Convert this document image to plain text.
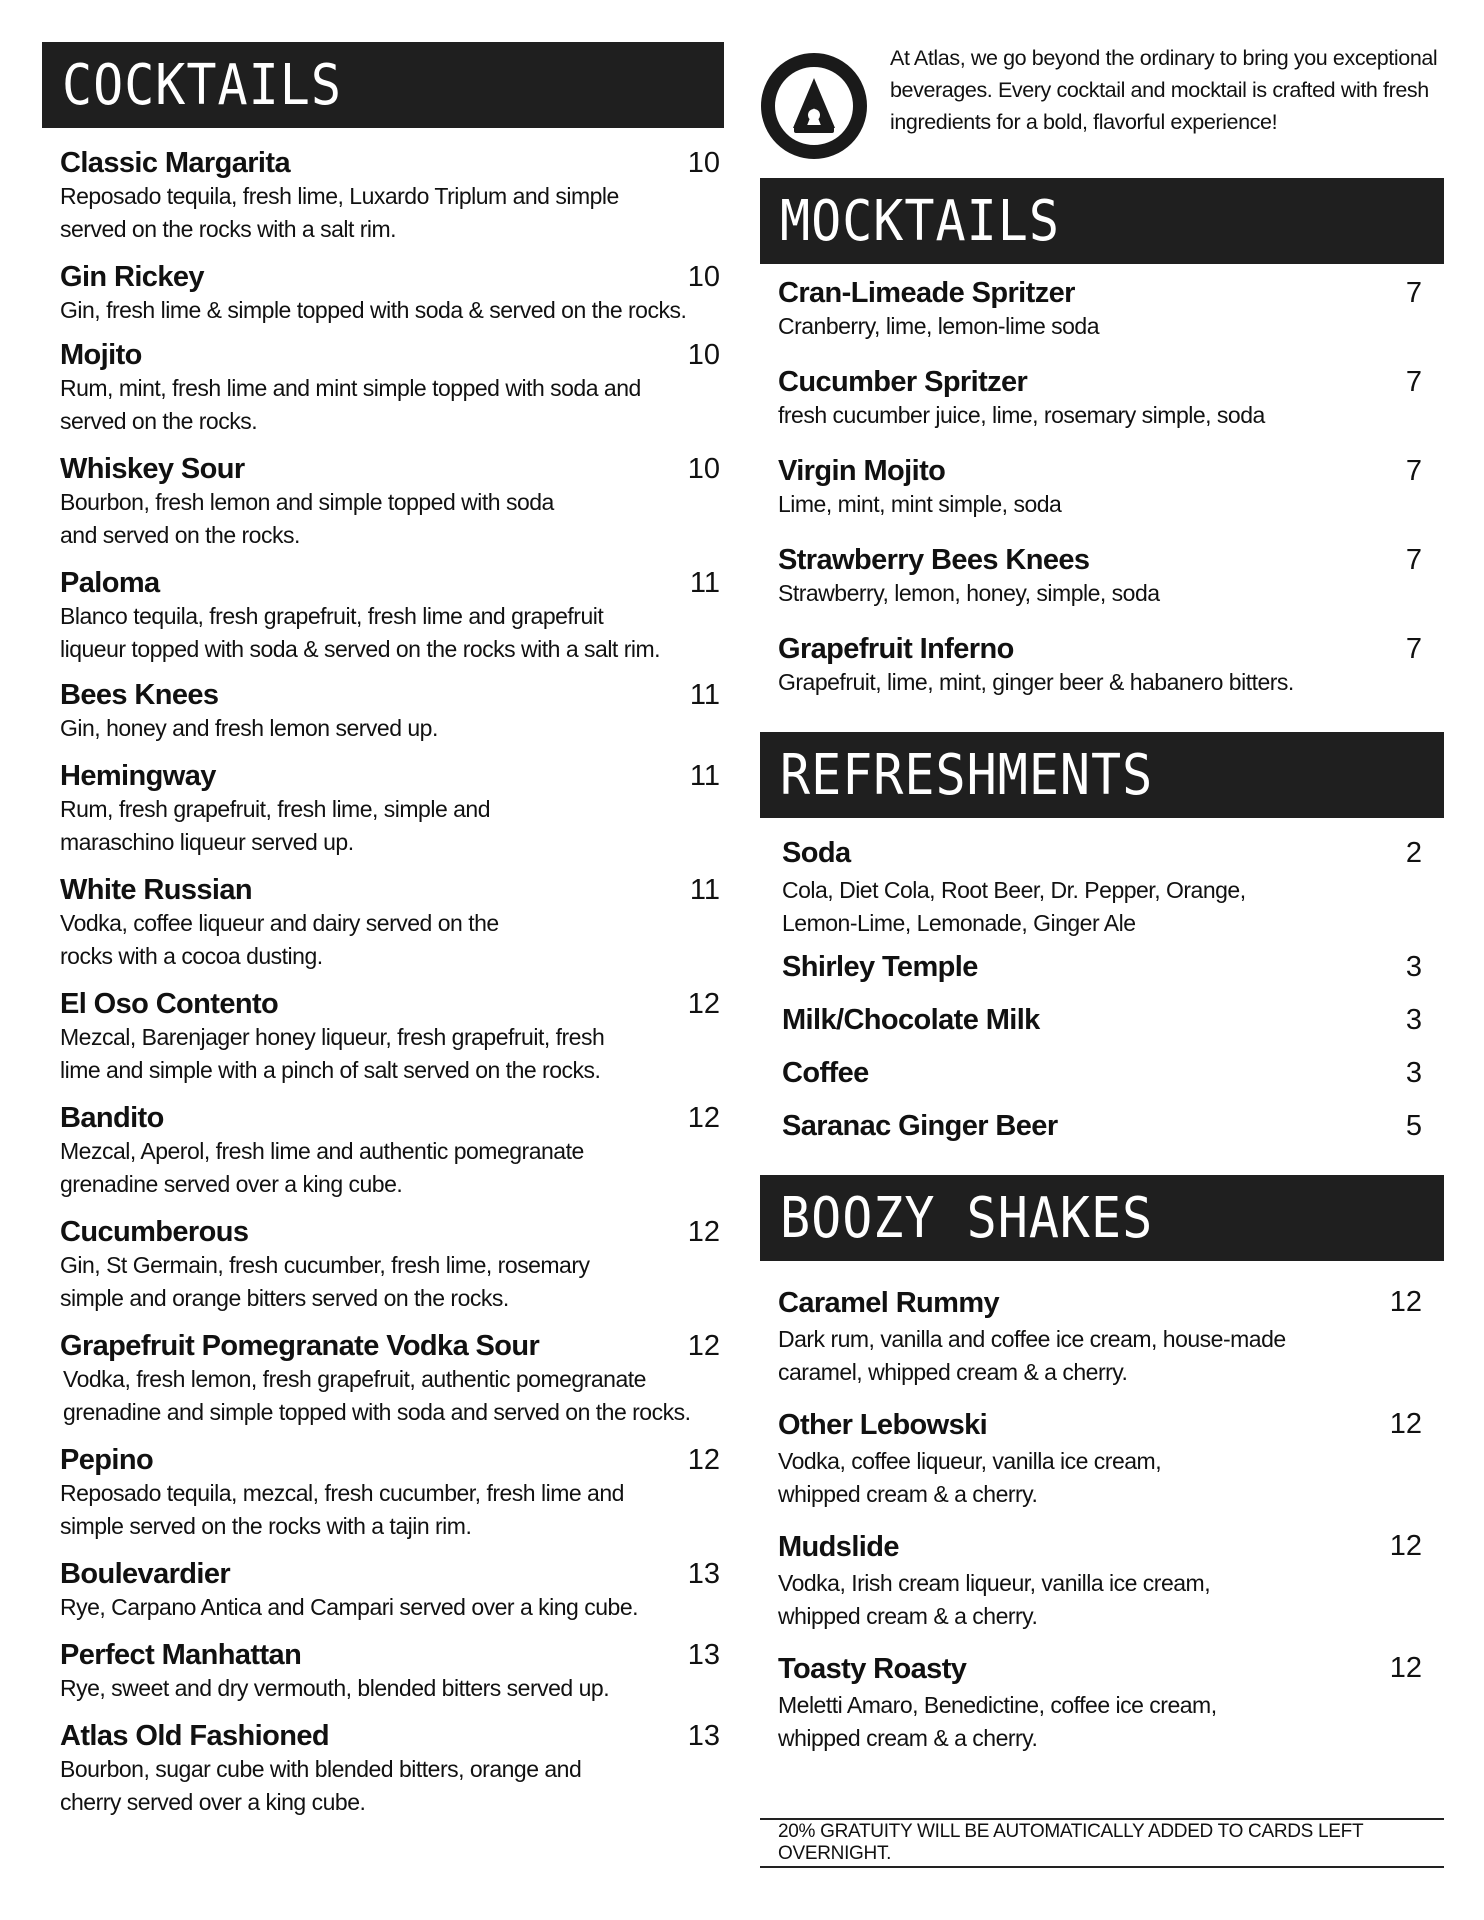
COCKTAILS
Classic Margarita	10
Reposado tequila, fresh lime, Luxardo Triplum and simple
served on the rocks with a salt rim.
Gin Rickey	10
Gin, fresh lime & simple topped with soda & served on the rocks.
Mojito	10
Rum, mint, fresh lime and mint simple topped with soda and
served on the rocks.
Whiskey Sour	10
Bourbon, fresh lemon and simple topped with soda
and served on the rocks.
Paloma	11
Blanco tequila, fresh grapefruit, fresh lime and grapefruit
liqueur topped with soda & served on the rocks with a salt rim.
Bees Knees	11
Gin, honey and fresh lemon served up.
Hemingway	11
Rum, fresh grapefruit, fresh lime, simple and
maraschino liqueur served up.
White Russian	11
Vodka, coffee liqueur and dairy served on the
rocks with a cocoa dusting.
El Oso Contento	12
Mezcal, Barenjager honey liqueur, fresh grapefruit, fresh
lime and simple with a pinch of salt served on the rocks.
Bandito	12
Mezcal, Aperol, fresh lime and authentic pomegranate
grenadine served over a king cube.
Cucumberous	12
Gin, St Germain, fresh cucumber, fresh lime, rosemary
simple and orange bitters served on the rocks.
Grapefruit Pomegranate Vodka Sour	12
Vodka, fresh lemon, fresh grapefruit, authentic pomegranate
grenadine and simple topped with soda and served on the rocks.
Pepino	12
Reposado tequila, mezcal, fresh cucumber, fresh lime and
simple served on the rocks with a tajin rim.
Boulevardier	13
Rye, Carpano Antica and Campari served over a king cube.
Perfect Manhattan	13
Rye, sweet and dry vermouth, blended bitters served up.
Atlas Old Fashioned	13
Bourbon, sugar cube with blended bitters, orange and
cherry served over a king cube.
At Atlas, we go beyond the ordinary to bring you exceptional beverages. Every cocktail and mocktail is crafted with fresh ingredients for a bold, flavorful experience!
MOCKTAILS
Cran-Limeade Spritzer	7
Cranberry, lime, lemon-lime soda
Cucumber Spritzer	7
fresh cucumber juice, lime, rosemary simple, soda
Virgin Mojito	7
Lime, mint, mint simple, soda
Strawberry Bees Knees	7
Strawberry, lemon, honey, simple, soda
Grapefruit Inferno	7
Grapefruit, lime, mint, ginger beer & habanero bitters.
REFRESHMENTS
Soda	2
Cola, Diet Cola, Root Beer, Dr. Pepper, Orange,
Lemon-Lime, Lemonade, Ginger Ale
Shirley Temple	3
Milk/Chocolate Milk	3
Coffee	3
Saranac Ginger Beer	5
BOOZY SHAKES
Caramel Rummy	12
Dark rum, vanilla and coffee ice cream, house-made
caramel, whipped cream & a cherry.
Other Lebowski	12
Vodka, coffee liqueur, vanilla ice cream,
whipped cream & a cherry.
Mudslide	12
Vodka, Irish cream liqueur, vanilla ice cream,
whipped cream & a cherry.
Toasty Roasty	12
Meletti Amaro, Benedictine, coffee ice cream,
whipped cream & a cherry.
20% GRATUITY WILL BE AUTOMATICALLY ADDED TO CARDS LEFT OVERNIGHT.
